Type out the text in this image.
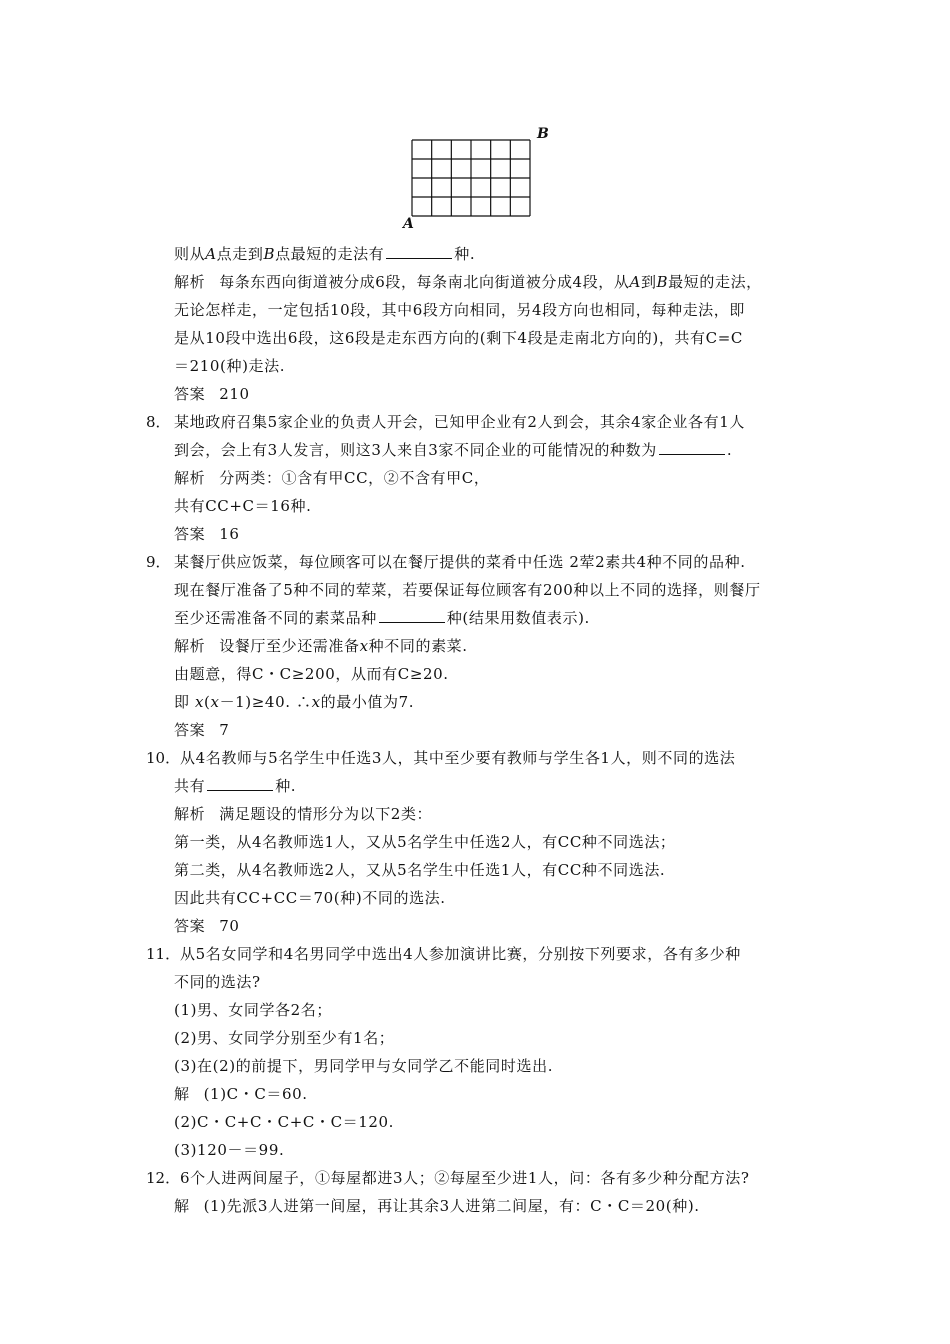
B
A
则从A点走到B点最短的走法有	种.
解析 每条东西向街道被分成6段，每条南北向街道被分成4段，从A到B最短的走法，
无论怎样走，一定包括10段，其中6段方向相同，另4段方向也相同，每种走法，即
是从10段中选出6段，这6段是走东西方向的(剩下4段是走南北方向的)，共有C=C
＝210(种)走法.
答案 210
8． 某地政府召集5家企业的负责人开会，已知甲企业有2人到会，其余4家企业各有1人
到会，会上有3人发言，则这3人来自3家不同企业的可能情况的种数为	.
解析 分两类：①含有甲CC，②不含有甲C，
共有CC+C＝16种.
答案 16
9． 某餐厅供应饭菜，每位顾客可以在餐厅提供的菜肴中任选 2荤2素共4种不同的品种.
现在餐厅准备了5种不同的荤菜，若要保证每位顾客有200种以上不同的选择，则餐厅
至少还需准备不同的素菜品种	种(结果用数值表示).
解析 设餐厅至少还需准备x种不同的素菜.
由题意，得C・C≥200，从而有C≥20.
即 x(x－1)≥40. ∴x的最小值为7.
答案 7
10． 从4名教师与5名学生中任选3人，其中至少要有教师与学生各1人，则不同的选法
共有	种.
解析 满足题设的情形分为以下2类：
第一类，从4名教师选1人，又从5名学生中任选2人，有CC种不同选法；
第二类，从4名教师选2人，又从5名学生中任选1人，有CC种不同选法.
因此共有CC+CC＝70(种)不同的选法.
答案 70
11． 从5名女同学和4名男同学中选出4人参加演讲比赛，分别按下列要求，各有多少种
不同的选法?
(1)男、女同学各2名；
(2)男、女同学分别至少有1名；
(3)在(2)的前提下，男同学甲与女同学乙不能同时选出.
解 (1)C・C＝60.
(2)C・C+C・C+C・C＝120.
(3)120－＝99.
12． 6个人进两间屋子，①每屋都进3人；②每屋至少进1人，问：各有多少种分配方法?
解 (1)先派3人进第一间屋，再让其余3人进第二间屋，有：C・C＝20(种).
